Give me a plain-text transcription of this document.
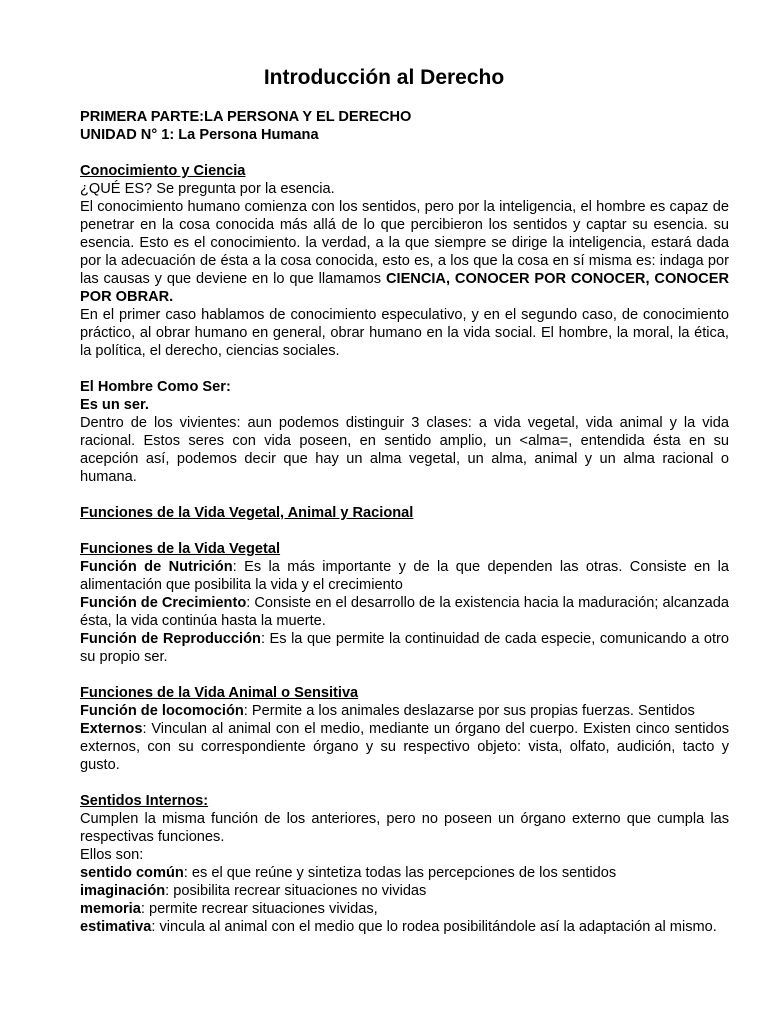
Introducción al Derecho
PRIMERA PARTE:LA PERSONA Y EL DERECHO
UNIDAD N° 1: La Persona Humana
Conocimiento y Ciencia

¿QUÉ ES? Se pregunta por la esencia.

El conocimiento humano comienza con los sentidos, pero por la inteligencia, el hombre es capaz de penetrar en la cosa conocida más allá de lo que percibieron los sentidos y captar su esencia. su esencia. Esto es el conocimiento. la verdad, a la que siempre se dirige la inteligencia, estará dada por la adecuación de ésta a la cosa conocida, esto es, a los que la cosa en sí misma es: indaga por las causas y que deviene en lo que llamamos CIENCIA, CONOCER POR CONOCER, CONOCER POR OBRAR.

En el primer caso hablamos de conocimiento especulativo, y en el segundo caso, de conocimiento práctico, al obrar humano en general, obrar humano en la vida social. El hombre, la moral, la ética, la política, el derecho, ciencias sociales.

El Hombre Como Ser:
Es un ser.

Dentro de los vivientes: aun podemos distinguir 3 clases: a vida vegetal, vida animal y la vida racional. Estos seres con vida poseen, en sentido amplio, un <alma=, entendida ésta en su acepción así, podemos decir que hay un alma vegetal, un alma, animal y un alma racional o humana.

Funciones de la Vida Vegetal, Animal y Racional
Funciones de la Vida Vegetal

Función de Nutrición: Es la más importante y de la que dependen las otras. Consiste en la alimentación que posibilita la vida y el crecimiento

Función de Crecimiento: Consiste en el desarrollo de la existencia hacia la maduración; alcanzada ésta, la vida continúa hasta la muerte.

Función de Reproducción: Es la que permite la continuidad de cada especie, comunicando a otro su propio ser.

Funciones de la Vida Animal o Sensitiva

Función de locomoción: Permite a los animales deslazarse por sus propias fuerzas. Sentidos

Externos: Vinculan al animal con el medio, mediante un órgano del cuerpo. Existen cinco sentidos externos, con su correspondiente órgano y su respectivo objeto: vista, olfato, audición, tacto y gusto.

Sentidos Internos:

Cumplen la misma función de los anteriores, pero no poseen un órgano externo que cumpla las respectivas funciones.

Ellos son:

sentido común: es el que reúne y sintetiza todas las percepciones de los sentidos

imaginación: posibilita recrear situaciones no vividas

memoria: permite recrear situaciones vividas,

estimativa: vincula al animal con el medio que lo rodea posibilitándole así la adaptación al mismo.
